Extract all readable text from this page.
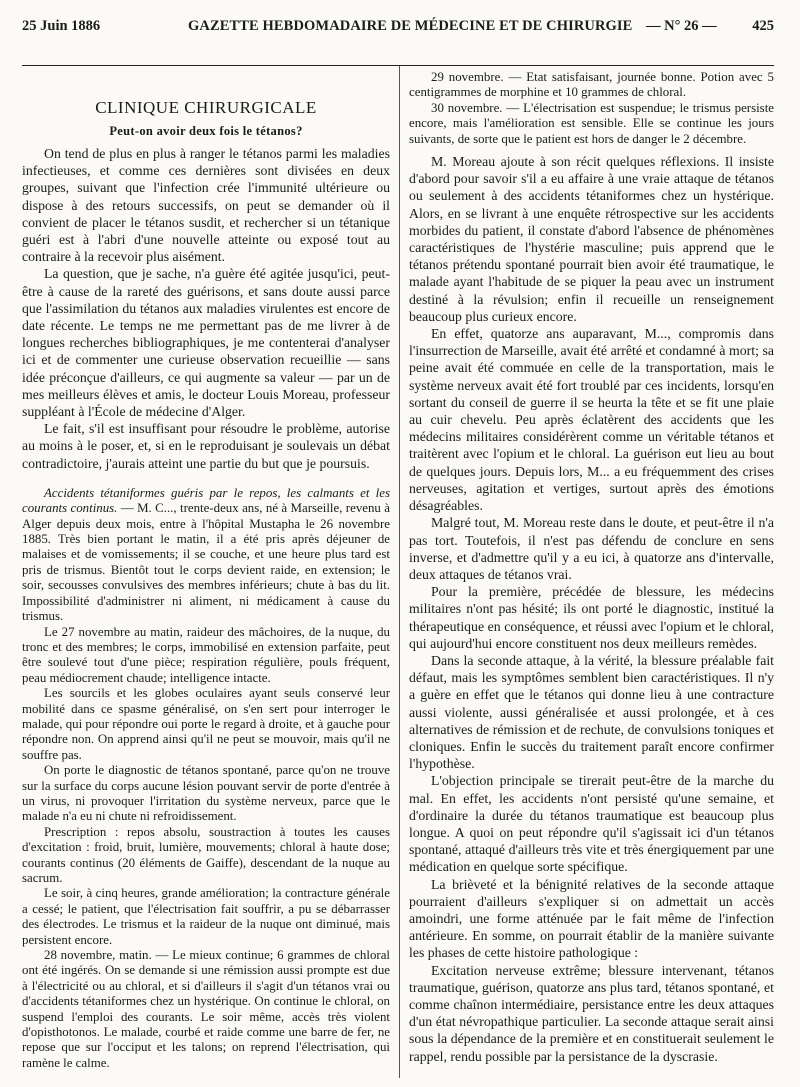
25 Juin 1886	GAZETTE HEBDOMADAIRE DE MÉDECINE ET DE CHIRURGIE — N° 26 — 425
CLINIQUE CHIRURGICALE
Peut-on avoir deux fois le tétanos?

On tend de plus en plus à ranger le tétanos parmi les maladies infectieuses, et comme ces dernières sont divisées en deux groupes, suivant que l'infection crée l'immunité ultérieure ou dispose à des retours successifs, on peut se demander où il convient de placer le tétanos susdit, et rechercher si un tétanique guéri est à l'abri d'une nouvelle atteinte ou exposé tout au contraire à la recevoir plus aisément.

La question, que je sache, n'a guère été agitée jusqu'ici, peut-être à cause de la rareté des guérisons, et sans doute aussi parce que l'assimilation du tétanos aux maladies virulentes est encore de date récente. Le temps ne me permettant pas de me livrer à de longues recherches bibliographiques, je me contenterai d'analyser ici et de commenter une curieuse observation recueillie — sans idée préconçue d'ailleurs, ce qui augmente sa valeur — par un de mes meilleurs élèves et amis, le docteur Louis Moreau, professeur suppléant à l'École de médecine d'Alger.

Le fait, s'il est insuffisant pour résoudre le problème, autorise au moins à le poser, et, si en le reproduisant je soulevais un débat contradictoire, j'aurais atteint une partie du but que je poursuis.

Accidents tétaniformes guéris par le repos, les calmants et les courants continus. — M. C..., trente-deux ans, né à Marseille, revenu à Alger depuis deux mois, entre à l'hôpital Mustapha le 26 novembre 1885. Très bien portant le matin, il a été pris après déjeuner de malaises et de vomissements; il se couche, et une heure plus tard est pris de trismus. Bientôt tout le corps devient raide, en extension; le soir, secousses convulsives des membres inférieurs; chute à bas du lit. Impossibilité d'administrer ni aliment, ni médicament à cause du trismus.

Le 27 novembre au matin, raideur des mâchoires, de la nuque, du tronc et des membres; le corps, immobilisé en extension parfaite, peut être soulevé tout d'une pièce; respiration régulière, pouls fréquent, peau médiocrement chaude; intelligence intacte.

Les sourcils et les globes oculaires ayant seuls conservé leur mobilité dans ce spasme généralisé, on s'en sert pour interroger le malade, qui pour répondre oui porte le regard à droite, et à gauche pour répondre non. On apprend ainsi qu'il ne peut se mouvoir, mais qu'il ne souffre pas.

On porte le diagnostic de tétanos spontané, parce qu'on ne trouve sur la surface du corps aucune lésion pouvant servir de porte d'entrée à un virus, ni provoquer l'irritation du système nerveux, parce que le malade n'a eu ni chute ni refroidissement.

Prescription : repos absolu, soustraction à toutes les causes d'excitation : froid, bruit, lumière, mouvements; chloral à haute dose; courants continus (20 éléments de Gaiffe), descendant de la nuque au sacrum.

Le soir, à cinq heures, grande amélioration; la contracture générale a cessé; le patient, que l'électrisation fait souffrir, a pu se débarrasser des électrodes. Le trismus et la raideur de la nuque ont diminué, mais persistent encore.

28 novembre, matin. — Le mieux continue; 6 grammes de chloral ont été ingérés. On se demande si une rémission aussi prompte est due à l'électricité ou au chloral, et si d'ailleurs il s'agit d'un tétanos vrai ou d'accidents tétaniformes chez un hystérique. On continue le chloral, on suspend l'emploi des courants. Le soir même, accès très violent d'opisthotonos. Le malade, courbé et raide comme une barre de fer, ne repose que sur l'occiput et les talons; on reprend l'électrisation, qui ramène le calme.

29 novembre. — Etat satisfaisant, journée bonne. Potion avec 5 centigrammes de morphine et 10 grammes de chloral.

30 novembre. — L'électrisation est suspendue; le trismus persiste encore, mais l'amélioration est sensible. Elle se continue les jours suivants, de sorte que le patient est hors de danger le 2 décembre.

M. Moreau ajoute à son récit quelques réflexions. Il insiste d'abord pour savoir s'il a eu affaire à une vraie attaque de tétanos ou seulement à des accidents tétaniformes chez un hystérique. Alors, en se livrant à une enquête rétrospective sur les accidents morbides du patient, il constate d'abord l'absence de phénomènes caractéristiques de l'hystérie masculine; puis apprend que le tétanos prétendu spontané pourrait bien avoir été traumatique, le malade ayant l'habitude de se piquer la peau avec un instrument destiné à la révulsion; enfin il recueille un renseignement beaucoup plus curieux encore.

En effet, quatorze ans auparavant, M..., compromis dans l'insurrection de Marseille, avait été arrêté et condamné à mort; sa peine avait été commuée en celle de la transportation, mais le système nerveux avait été fort troublé par ces incidents, lorsqu'en sortant du conseil de guerre il se heurta la tête et se fit une plaie au cuir chevelu. Peu après éclatèrent des accidents que les médecins militaires considérèrent comme un véritable tétanos et traitèrent avec l'opium et le chloral. La guérison eut lieu au bout de quelques jours. Depuis lors, M... a eu fréquemment des crises nerveuses, agitation et vertiges, surtout après des émotions désagréables.

Malgré tout, M. Moreau reste dans le doute, et peut-être il n'a pas tort. Toutefois, il n'est pas défendu de conclure en sens inverse, et d'admettre qu'il y a eu ici, à quatorze ans d'intervalle, deux attaques de tétanos vrai.

Pour la première, précédée de blessure, les médecins militaires n'ont pas hésité; ils ont porté le diagnostic, institué la thérapeutique en conséquence, et réussi avec l'opium et le chloral, qui aujourd'hui encore constituent nos deux meilleurs remèdes.

Dans la seconde attaque, à la vérité, la blessure préalable fait défaut, mais les symptômes semblent bien caractéristiques. Il n'y a guère en effet que le tétanos qui donne lieu à une contracture aussi violente, aussi généralisée et aussi prolongée, et à ces alternatives de rémission et de rechute, de convulsions toniques et cloniques. Enfin le succès du traitement paraît encore confirmer l'hypothèse.

L'objection principale se tirerait peut-être de la marche du mal. En effet, les accidents n'ont persisté qu'une semaine, et d'ordinaire la durée du tétanos traumatique est beaucoup plus longue. A quoi on peut répondre qu'il s'agissait ici d'un tétanos spontané, attaqué d'ailleurs très vite et très énergiquement par une médication en quelque sorte spécifique.

La brièveté et la bénignité relatives de la seconde attaque pourraient d'ailleurs s'expliquer si on admettait un accès amoindri, une forme atténuée par le fait même de l'infection antérieure. En somme, on pourrait établir de la manière suivante les phases de cette histoire pathologique :

Excitation nerveuse extrême; blessure intervenant, tétanos traumatique, guérison, quatorze ans plus tard, tétanos spontané, et comme chaînon intermédiaire, persistance entre les deux attaques d'un état névropathique particulier. La seconde attaque serait ainsi sous la dépendance de la première et en constituerait seulement le rappel, rendu possible par la persistance de la dyscrasie.
